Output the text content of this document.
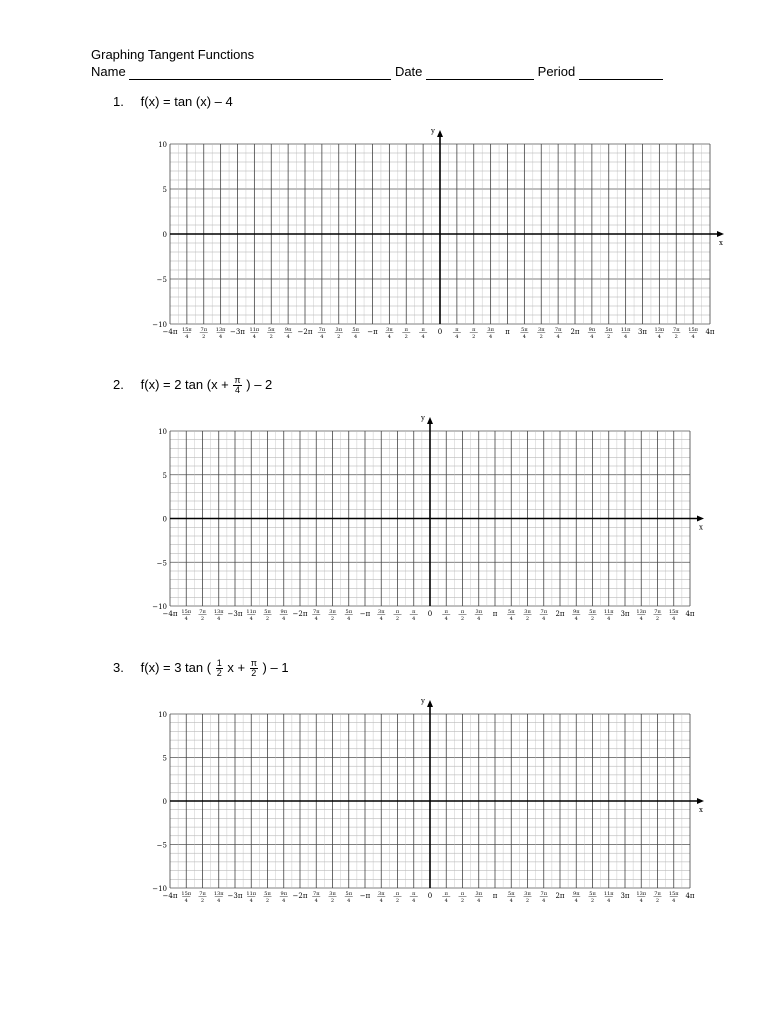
Graphing Tangent Functions
Name	Date	Period
1. f(x) = tan (x) – 4
2. f(x) = 2 $\tan (x + \frac{\pi}{4}$ ) – 2
3. f(x) = 3 tan ( $\frac{1}{2}$ $x + \frac{\pi}{2}$ ) – 1
x
y
10
5
0
−5
−10
−4π 15π
4
7π
2
13π
4
−3π 11π
4
5π
2
9π
4
−2π 7π
4
3π
2
5π
4
−π 3π
4
π
2
π
4
0	π
4
π
2
3π
4
π 5π
4
3π
2
7π
4
2π 9π
4
5π
2
11π
4
3π 13π
4
7π
2
15π
4
4π
x
y
10
5
0
−5
−10
−4π 15π
4
7π
2
13π
4
−3π 11π
4
5π
2
9π
4
−2π 7π
4
3π
2
5π
4
−π 3π
4
π
2
π
4
0 π
4
π
2
3π
4
π 5π
4
3π
2
7π
4
2π 9π
4
5π
2
11π
4
3π 13π
4
7π
2
15π
4
4π
x
y
10
5
0
−5
−10
−4π 15π
4
7π
2
13π
4
−3π 11π
4
5π
2
9π
4
−2π 7π
4
3π
2
5π
4
−π 3π
4
π
2
π
4
0 π
4
π
2
3π
4
π 5π
4
3π
2
7π
4
2π 9π
4
5π
2
11π
4
3π 13π
4
7π
2
15π
4
4π
